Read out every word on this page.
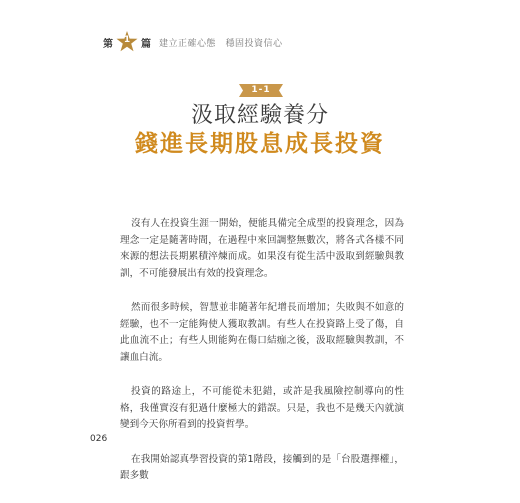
第	1	篇 建立正確心態　穩固投資信心
1-1
汲取經驗養分
錢進長期股息成長投資

沒有人在投資生涯一開始，便能具備完全成型的投資理念，因為理念一定是隨著時間，在過程中來回調整無數次，將各式各樣不同來源的想法長期累積淬煉而成。如果沒有從生活中汲取到經驗與教訓，不可能發展出有效的投資理念。

然而很多時候，智慧並非隨著年紀增長而增加；失敗與不如意的經驗，也不一定能夠使人獲取教訓。有些人在投資路上受了傷，自此血流不止；有些人則能夠在傷口結痂之後，汲取經驗與教訓，不讓血白流。

投資的路途上，不可能從未犯錯，或許是我風險控制導向的性格，我僅實沒有犯過什麼極大的錯誤。只是，我也不是幾天內就演變到今天你所看到的投資哲學。

在我開始認真學習投資的第1階段，接觸到的是「台股選擇權」，跟多數

026
